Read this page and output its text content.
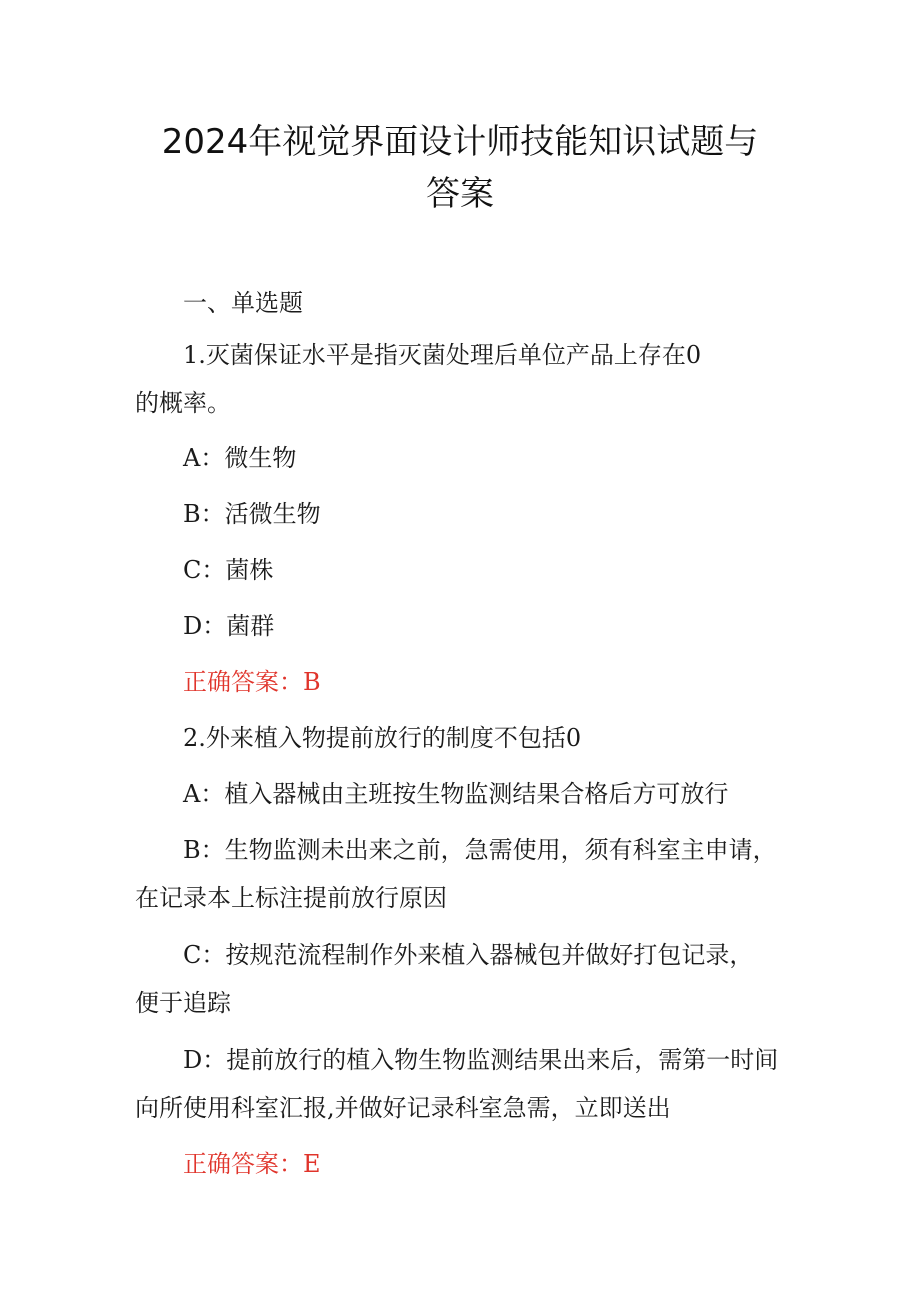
2024年视觉界面设计师技能知识试题与
答案
一、单选题
1.灭菌保证水平是指灭菌处理后单位产品上存在0
的概率。
A：微生物
B：活微生物
C：菌株
D：菌群
正确答案：B
2.外来植入物提前放行的制度不包括0
A：植入器械由主班按生物监测结果合格后方可放行
B：生物监测未出来之前，急需使用，须有科室主申请，
在记录本上标注提前放行原因
C：按规范流程制作外来植入器械包并做好打包记录，
便于追踪
D：提前放行的植入物生物监测结果出来后，需第一时间
向所使用科室汇报,并做好记录科室急需，立即送出
正确答案：E
